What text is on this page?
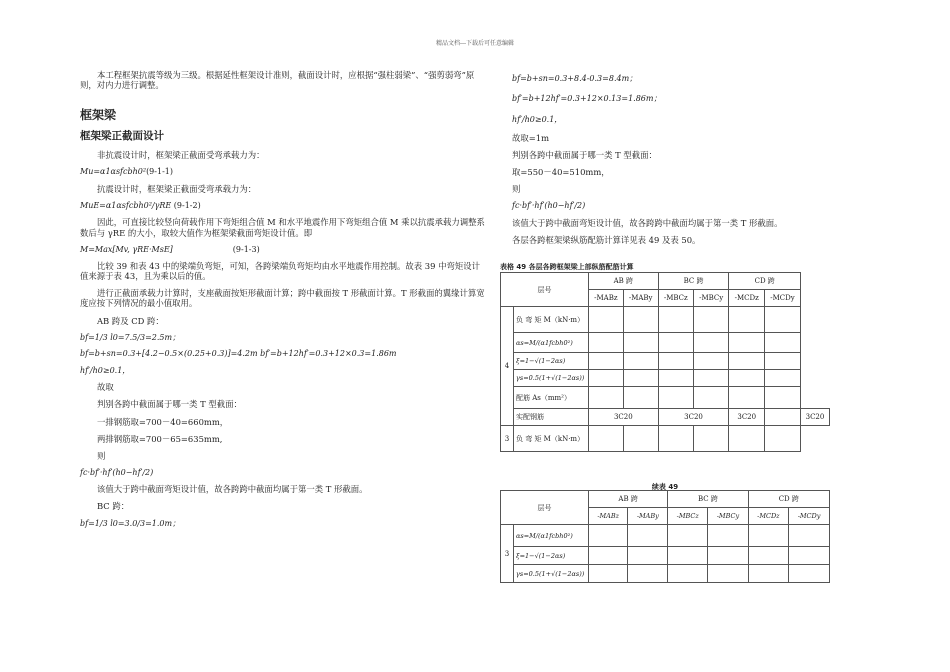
精品文档---下载后可任意编辑

本工程框架抗震等级为三级。根据延性框架设计准则，截面设计时，应根据“强柱弱梁”、“强剪弱弯”原则，对内力进行调整。

框架梁

框架梁正截面设计

非抗震设计时，框架梁正截面受弯承载力为：

Mu=α1αsfcbh0²(9-1-1)

抗震设计时，框架梁正截面受弯承载力为：

MuE=α1αsfcbh0²/γRE (9-1-2)

因此，可直接比较竖向荷载作用下弯矩组合值 M 和水平地震作用下弯矩组合值 M 乘以抗震承载力调整系数后与 γRE 的大小，取较大值作为框架梁截面弯矩设计值。即

M=Max[Mv, γRE·MsE]	(9-1-3)

比较 39 和表 43 中的梁端负弯矩，可知，各跨梁端负弯矩均由水平地震作用控制。故表 39 中弯矩设计值来源于表 43，且为乘以后的值。

进行正截面承载力计算时，支座截面按矩形截面计算；跨中截面按 T 形截面计算。T 形截面的翼缘计算宽度应按下列情况的最小值取用。

AB 跨及 CD 跨：

bf=1/3 l0=7.5/3=2.5m；

bf=b+sn=0.3+[4.2−0.5×(0.25+0.3)]=4.2m bf′=b+12hf′=0.3+12×0.3=1.86m

hf′/h0≥0.1，

故取

判别各跨中截面属于哪一类 T 型截面：

一排钢筋取=700－40=660mm，

两排钢筋取=700－65=635mm,

则

fc·bf′·hf′(h0−hf′/2)

该值大于跨中截面弯矩设计值，故各跨跨中截面均属于第一类 T 形截面。

BC 跨：

bf=1/3 l0=3.0/3=1.0m；

bf=b+sn=0.3+8.4-0.3=8.4m；

bf′=b+12hf′=0.3+12×0.13=1.86m；

hf′/h0≥0.1，

故取=1m

判别各跨中截面属于哪一类 T 型截面：

取=550－40=510mm，

则

fc·bf′·hf′(h0−hf′/2)

该值大于跨中截面弯矩设计值，故各跨跨中截面均属于第一类 T 形截面。

各层各跨框架梁纵筋配筋计算详见表 49 及表 50。

表格 49 各层各跨框架梁上部纵筋配筋计算
层号		AB 跨		BC 跨		CD 跨		
		-MABz	-MABy	-MBCz	-MBCy	-MCDz	-MCDy	
4	负 弯 矩 M（kN·m）							
	αs=M/(α1fcbh0²)							
	ξ=1−√(1−2αs)							
	γs=0.5(1+√(1−2αs))							
	配筋 As（mm²）							
	实配钢筋	3C20		3C20		3C20		3C20
3	负 弯 矩 M（kN·m）							
续表 49
层号		AB 跨		BC 跨		CD 跨	
		-MABz	-MABy	-MBCz	-MBCy	-MCDz	-MCDy
3	αs=M/(α1fcbh0²)						
	ξ=1−√(1−2αs)						
	γs=0.5(1+√(1−2αs))						
